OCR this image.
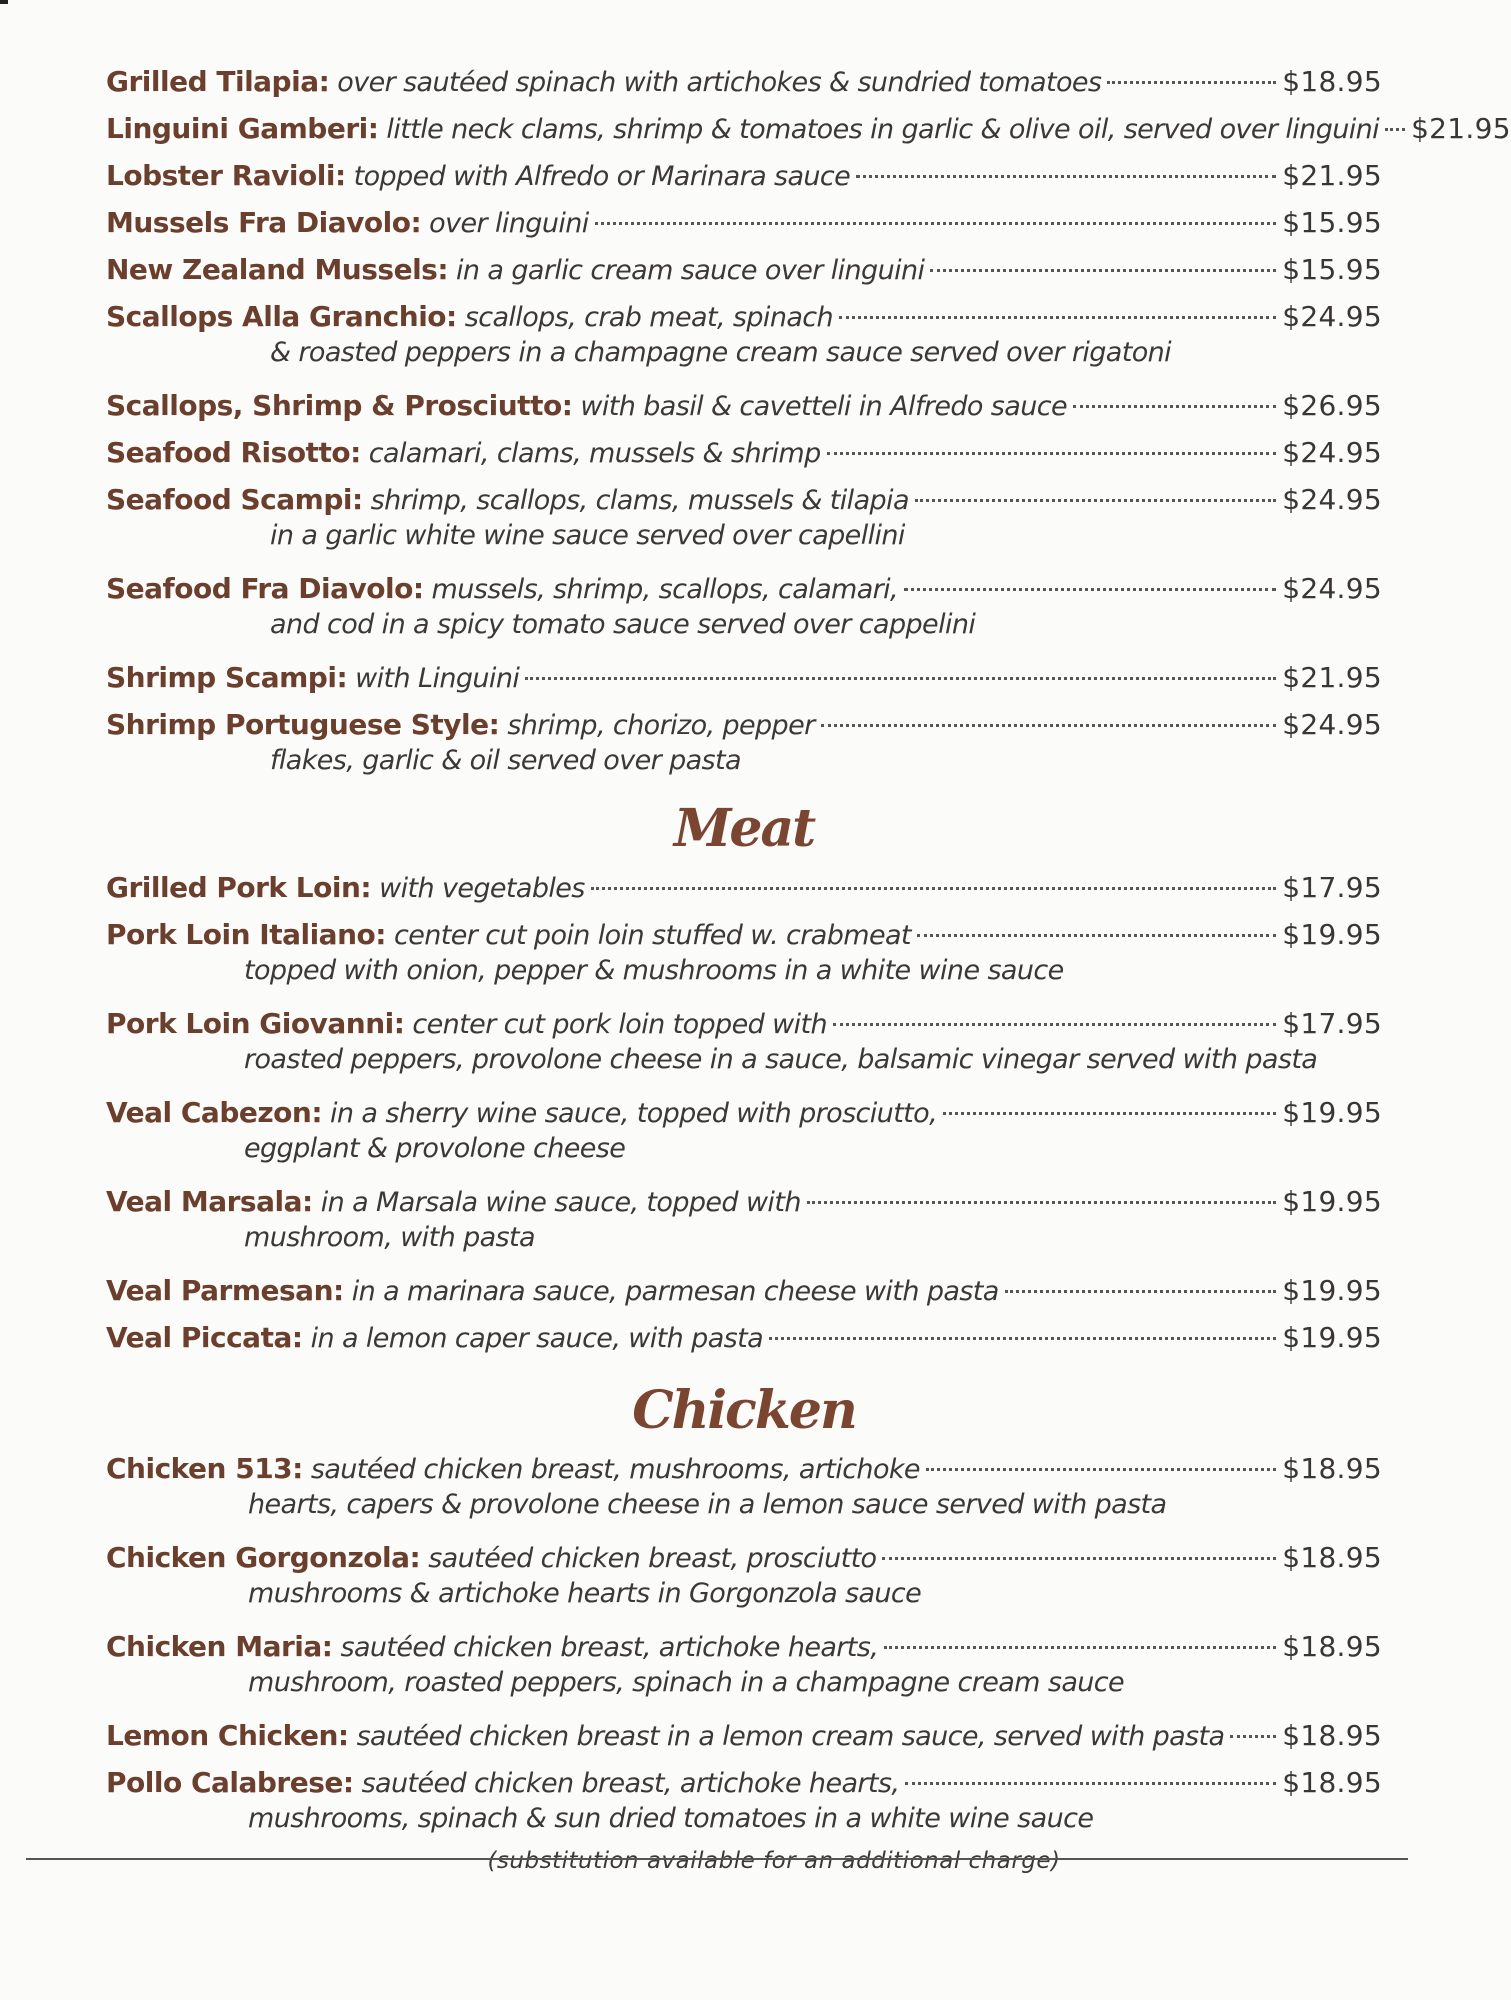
Grilled Tilapia: over sautéed spinach with artichokes & sundried tomatoes	$18.95
Linguini Gamberi: little neck clams, shrimp & tomatoes in garlic & olive oil, served over linguini $21.95
Lobster Ravioli: topped with Alfredo or Marinara sauce	$21.95
Mussels Fra Diavolo: over linguini	$15.95
New Zealand Mussels: in a garlic cream sauce over linguini	$15.95
Scallops Alla Granchio: scallops, crab meat, spinach	$24.95
& roasted peppers in a champagne cream sauce served over rigatoni
Scallops, Shrimp & Prosciutto: with basil & cavetteli in Alfredo sauce	$26.95
Seafood Risotto: calamari, clams, mussels & shrimp	$24.95
Seafood Scampi: shrimp, scallops, clams, mussels & tilapia	$24.95
in a garlic white wine sauce served over capellini
Seafood Fra Diavolo: mussels, shrimp, scallops, calamari,	$24.95
and cod in a spicy tomato sauce served over cappelini
Shrimp Scampi: with Linguini	$21.95
Shrimp Portuguese Style: shrimp, chorizo, pepper	$24.95
flakes, garlic & oil served over pasta
Meat
Grilled Pork Loin: with vegetables	$17.95
Pork Loin Italiano: center cut poin loin stuffed w. crabmeat	$19.95
topped with onion, pepper & mushrooms in a white wine sauce
Pork Loin Giovanni: center cut pork loin topped with	$17.95
roasted peppers, provolone cheese in a sauce, balsamic vinegar served with pasta
Veal Cabezon: in a sherry wine sauce, topped with prosciutto,	$19.95
eggplant & provolone cheese
Veal Marsala: in a Marsala wine sauce, topped with	$19.95
mushroom, with pasta
Veal Parmesan: in a marinara sauce, parmesan cheese with pasta	$19.95
Veal Piccata: in a lemon caper sauce, with pasta	$19.95
Chicken
Chicken 513: sautéed chicken breast, mushrooms, artichoke	$18.95
hearts, capers & provolone cheese in a lemon sauce served with pasta
Chicken Gorgonzola: sautéed chicken breast, prosciutto	$18.95
mushrooms & artichoke hearts in Gorgonzola sauce
Chicken Maria: sautéed chicken breast, artichoke hearts,	$18.95
mushroom, roasted peppers, spinach in a champagne cream sauce
Lemon Chicken: sautéed chicken breast in a lemon cream sauce, served with pasta $18.95
Pollo Calabrese: sautéed chicken breast, artichoke hearts,	$18.95
mushrooms, spinach & sun dried tomatoes in a white wine sauce
(substitution available for an additional charge)
